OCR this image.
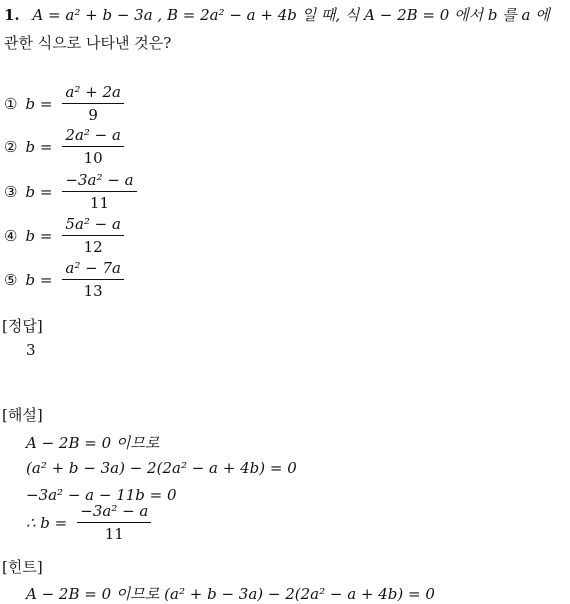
1. A = a² + b − 3a , B = 2a² − a + 4b 일 때, 식 A − 2B = 0 에서 b 를 a 에
관한 식으로 나타낸 것은?
① $b = \frac{\text{a² + 2a}}{9}$
② $b = \frac{\text{2a² − a}}{10}$
③ $b = \frac{\text{−3a² − a}}{11}$
④ $b = \frac{\text{5a² − a}}{12}$
⑤ $b = \frac{\text{a² − 7a}}{13}$
[정답]
3
[해설]
A − 2B = 0 이므로
(a² + b − 3a) − 2(2a² − a + 4b) = 0
−3a² − a − 11b = 0
∴ $b = \frac{\text{−3a² − a}}{11}$
[힌트]
A − 2B = 0 이므로 (a² + b − 3a) − 2(2a² − a + 4b) = 0
